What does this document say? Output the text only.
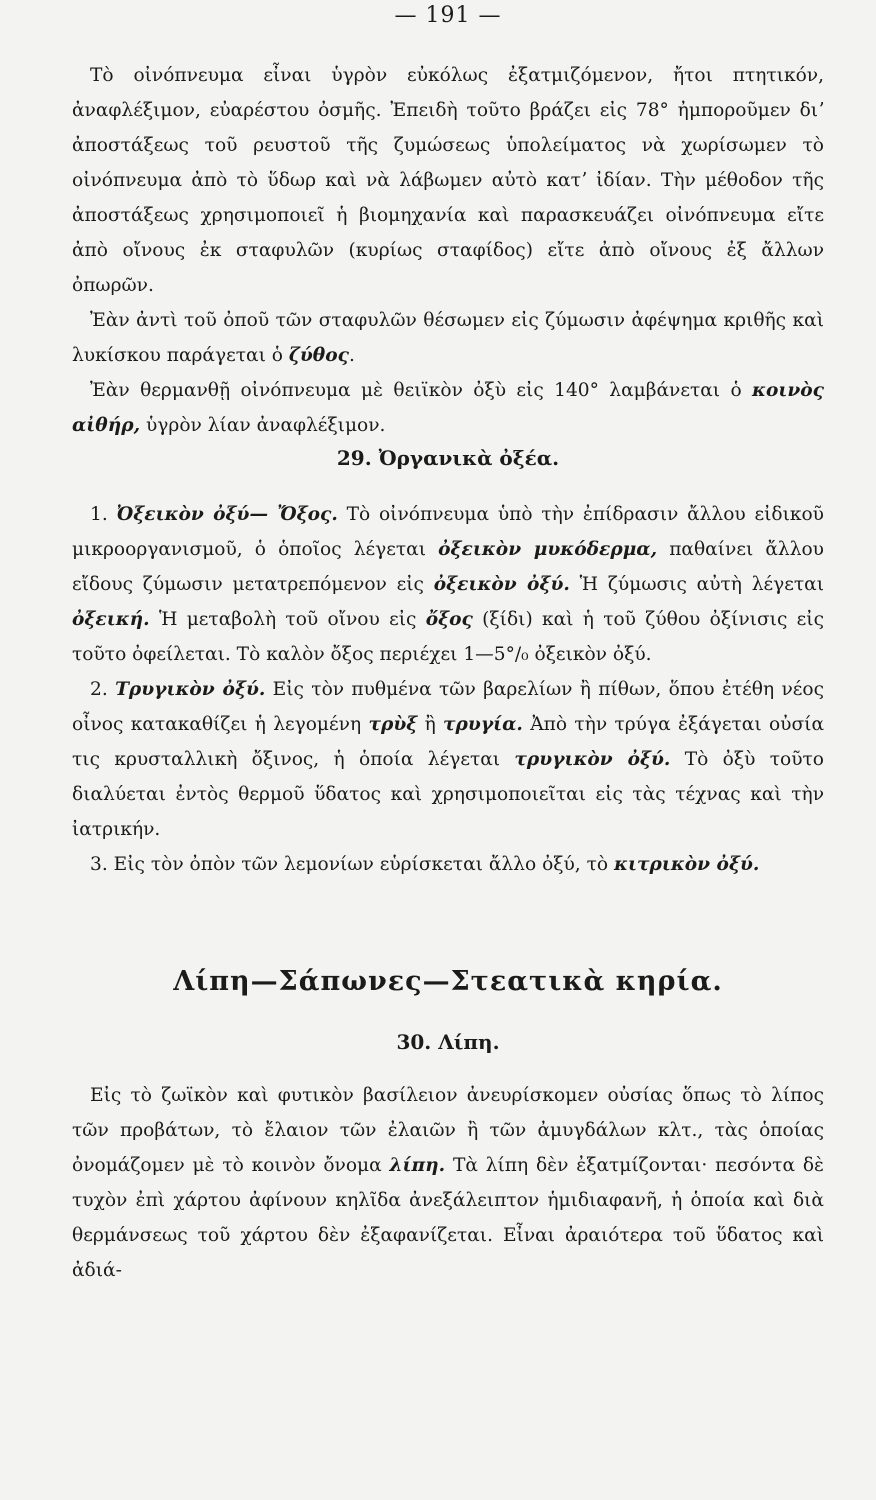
— 191 —

Τὸ οἰνόπνευμα εἶναι ὑγρὸν εὐκόλως ἐξατμιζόμενον, ἤτοι πτητικόν, ἀναφλέξιμον, εὐαρέστου ὀσμῆς. Ἐπειδὴ τοῦτο βράζει εἰς 78° ἠμποροῦμεν διʼ ἀποστάξεως τοῦ ρευστοῦ τῆς ζυμώσεως ὑπολείματος νὰ χωρίσωμεν τὸ οἰνόπνευμα ἀπὸ τὸ ὕδωρ καὶ νὰ λάβωμεν αὐτὸ κατʼ ἰδίαν. Τὴν μέθοδον τῆς ἀποστάξεως χρησιμοποιεῖ ἡ βιομηχανία καὶ παρασκευάζει οἰνόπνευμα εἴτε ἀπὸ οἴνους ἐκ σταφυλῶν (κυρίως σταφίδος) εἴτε ἀπὸ οἴνους ἐξ ἄλλων ὀπωρῶν.

Ἐὰν ἀντὶ τοῦ ὀποῦ τῶν σταφυλῶν θέσωμεν εἰς ζύμωσιν ἀφέψημα κριθῆς καὶ λυκίσκου παράγεται ὁ ζύθος.

Ἐὰν θερμανθῇ οἰνόπνευμα μὲ θειϊκὸν ὀξὺ εἰς 140° λαμβάνεται ὁ κοινὸς αἰθήρ, ὑγρὸν λίαν ἀναφλέξιμον.

29. Ὀργανικὰ ὀξέα.

1. Ὀξεικὸν ὀξύ— Ὄξος. Τὸ οἰνόπνευμα ὑπὸ τὴν ἐπίδρασιν ἄλλου εἰδικοῦ μικροοργανισμοῦ, ὁ ὁποῖος λέγεται ὀξεικὸν μυκόδερμα, παθαίνει ἄλλου εἴδους ζύμωσιν μετατρεπόμενον εἰς ὀξεικὸν ὀξύ. Ἡ ζύμωσις αὐτὴ λέγεται ὀξεική. Ἡ μεταβολὴ τοῦ οἴνου εἰς ὄξος (ξίδι) καὶ ἡ τοῦ ζύθου ὀξίνισις εἰς τοῦτο ὀφείλεται. Τὸ καλὸν ὄξος περιέχει 1—5°/₀ ὀξεικὸν ὀξύ.

2. Τρυγικὸν ὀξύ. Εἰς τὸν πυθμένα τῶν βαρελίων ἢ πίθων, ὅπου ἐτέθη νέος οἶνος κατακαθίζει ἡ λεγομένη τρὺξ ἢ τρυγία. Ἀπὸ τὴν τρύγα ἐξάγεται οὐσία τις κρυσταλλικὴ ὄξινος, ἡ ὁποία λέγεται τρυγικὸν ὀξύ. Τὸ ὀξὺ τοῦτο διαλύεται ἐντὸς θερμοῦ ὕδατος καὶ χρησιμοποιεῖται εἰς τὰς τέχνας καὶ τὴν ἰατρικήν.

3. Εἰς τὸν ὀπὸν τῶν λεμονίων εὑρίσκεται ἄλλο ὀξύ, τὸ κιτρικὸν ὀξύ.

Λίπη—Σάπωνες—Στεατικὰ κηρία.
30. Λίπη.

Εἰς τὸ ζωϊκὸν καὶ φυτικὸν βασίλειον ἀνευρίσκομεν οὐσίας ὅπως τὸ λίπος τῶν προβάτων, τὸ ἔλαιον τῶν ἐλαιῶν ἢ τῶν ἀμυγδάλων κλτ., τὰς ὁποίας ὀνομάζομεν μὲ τὸ κοινὸν ὄνομα λίπη. Τὰ λίπη δὲν ἐξατμίζονται· πεσόντα δὲ τυχὸν ἐπὶ χάρτου ἀφίνουν κηλῖδα ἀνεξάλειπτον ἡμιδιαφανῆ, ἡ ὁποία καὶ διὰ θερμάνσεως τοῦ χάρτου δὲν ἐξαφανίζεται. Εἶναι ἀραιότερα τοῦ ὕδατος καὶ ἀδιά-
